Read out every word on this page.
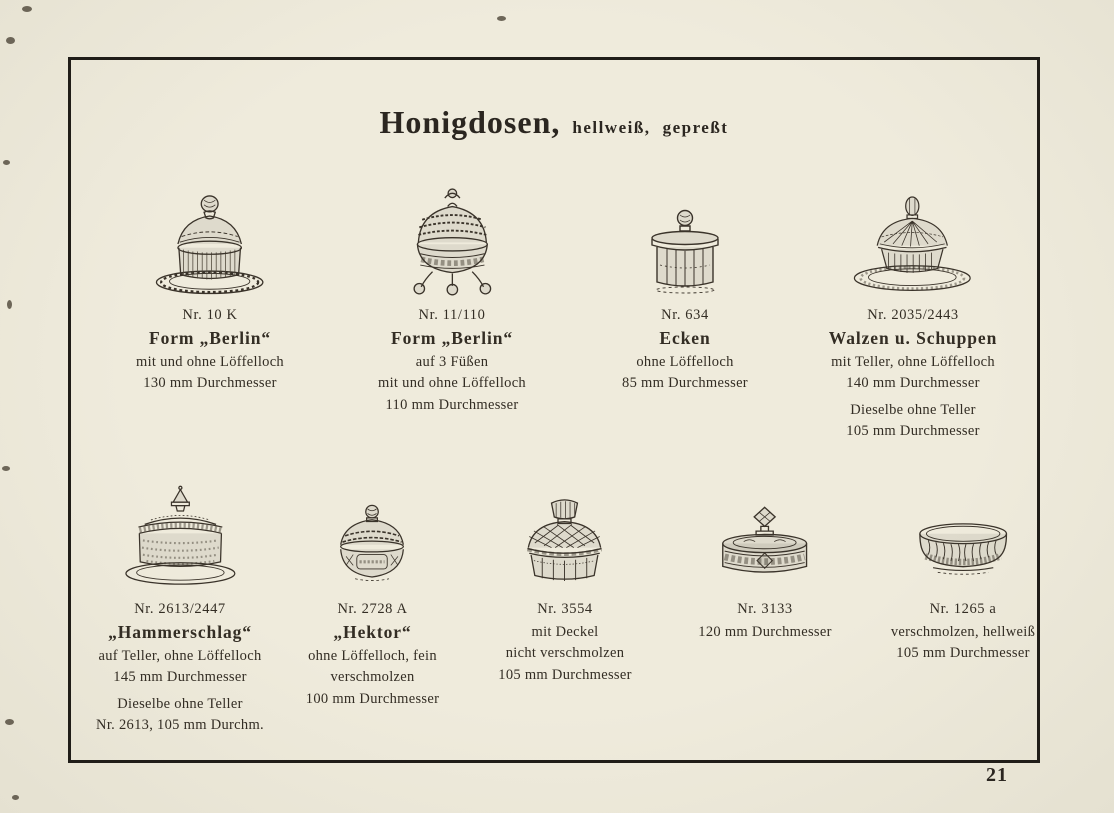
Honigdosen, hellweiß, gepreßt
Nr. 10 K
Form „Berlin“
mit und ohne Löffelloch
130 mm Durchmesser
Nr. 11/110
Form „Berlin“
auf 3 Füßen
mit und ohne Löffelloch
110 mm Durchmesser
Nr. 634
Ecken
ohne Löffelloch
85 mm Durchmesser
Nr. 2035/2443
Walzen u. Schuppen
mit Teller, ohne Löffelloch
140 mm Durchmesser
Dieselbe ohne Teller
105 mm Durchmesser
Nr. 2613/2447
„Hammerschlag“
auf Teller, ohne Löffelloch
145 mm Durchmesser
Dieselbe ohne Teller
Nr. 2613, 105 mm Durchm.
Nr. 2728 A
„Hektor“
ohne Löffelloch, fein
verschmolzen
100 mm Durchmesser
Nr. 3554
mit Deckel
nicht verschmolzen
105 mm Durchmesser
Nr. 3133
120 mm Durchmesser
Nr. 1265 a
verschmolzen, hellweiß
105 mm Durchmesser
21
